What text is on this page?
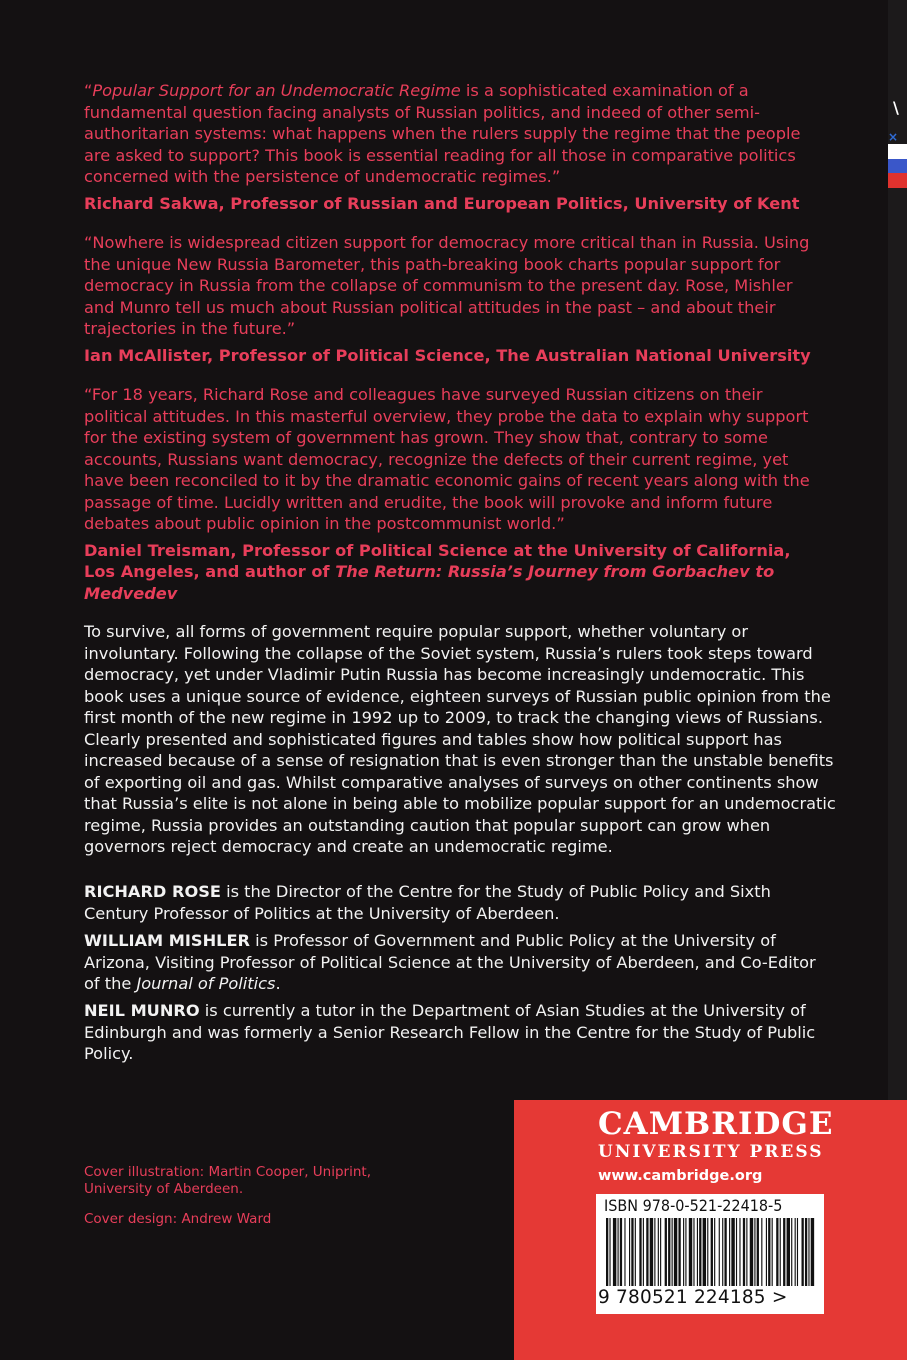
\
×

“Popular Support for an Undemocratic Regime is a sophisticated examination of a fundamental question facing analysts of Russian politics, and indeed of other semi-authoritarian systems: what happens when the rulers supply the regime that the people are asked to support? This book is essential reading for all those in comparative politics concerned with the persistence of undemocratic regimes.”

Richard Sakwa, Professor of Russian and European Politics, University of Kent

“Nowhere is widespread citizen support for democracy more critical than in Russia. Using the unique New Russia Barometer, this path-breaking book charts popular support for democracy in Russia from the collapse of communism to the present day. Rose, Mishler and Munro tell us much about Russian political attitudes in the past – and about their trajectories in the future.”

Ian McAllister, Professor of Political Science, The Australian National University

“For 18 years, Richard Rose and colleagues have surveyed Russian citizens on their political attitudes. In this masterful overview, they probe the data to explain why support for the existing system of government has grown. They show that, contrary to some accounts, Russians want democracy, recognize the defects of their current regime, yet have been reconciled to it by the dramatic economic gains of recent years along with the passage of time. Lucidly written and erudite, the book will provoke and inform future debates about public opinion in the postcommunist world.”

Daniel Treisman, Professor of Political Science at the University of California, Los Angeles, and author of The Return: Russia’s Journey from Gorbachev to Medvedev

To survive, all forms of government require popular support, whether voluntary or involuntary. Following the collapse of the Soviet system, Russia’s rulers took steps toward democracy, yet under Vladimir Putin Russia has become increasingly undemocratic. This book uses a unique source of evidence, eighteen surveys of Russian public opinion from the first month of the new regime in 1992 up to 2009, to track the changing views of Russians. Clearly presented and sophisticated figures and tables show how political support has increased because of a sense of resignation that is even stronger than the unstable benefits of exporting oil and gas. Whilst comparative analyses of surveys on other continents show that Russia’s elite is not alone in being able to mobilize popular support for an undemocratic regime, Russia provides an outstanding caution that popular support can grow when governors reject democracy and create an undemocratic regime.

RICHARD ROSE is the Director of the Centre for the Study of Public Policy and Sixth Century Professor of Politics at the University of Aberdeen.

WILLIAM MISHLER is Professor of Government and Public Policy at the University of Arizona, Visiting Professor of Political Science at the University of Aberdeen, and Co-Editor of the Journal of Politics.

NEIL MUNRO is currently a tutor in the Department of Asian Studies at the University of Edinburgh and was formerly a Senior Research Fellow in the Centre for the Study of Public Policy.

Cover illustration: Martin Cooper, Uniprint, University of Aberdeen.

Cover design: Andrew Ward

CAMBRIDGE
UNIVERSITY PRESS
www.cambridge.org
ISBN 978-0-521-22418-5
9 780521 224185 >
